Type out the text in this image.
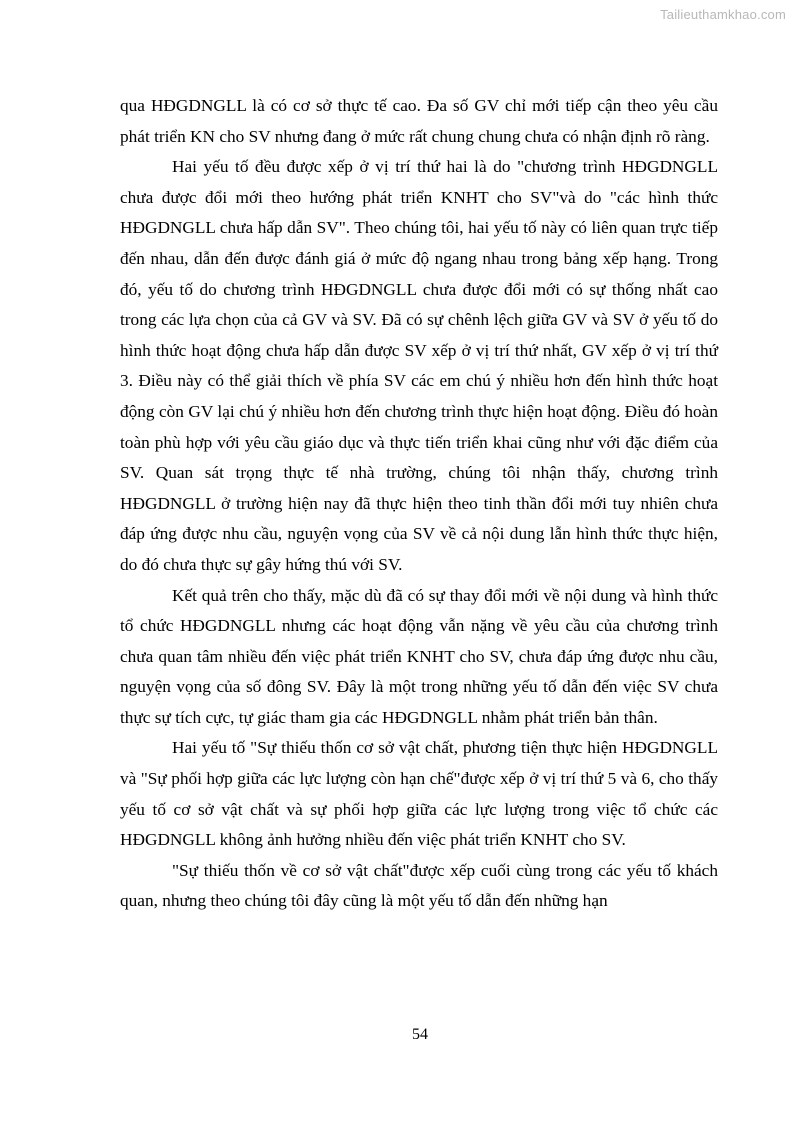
Tailieuthamkhao.com

qua HĐGDNGLL là có cơ sở thực tế cao. Đa số GV chỉ mới tiếp cận theo yêu cầu phát triển KN cho SV nhưng đang ở mức rất chung chung chưa có nhận định rõ ràng.

Hai yếu tố đều được xếp ở vị trí thứ hai là do "chương trình HĐGDNGLL chưa được đổi mới theo hướng phát triển KNHT cho SV"và do "các hình thức HĐGDNGLL chưa hấp dẫn SV". Theo chúng tôi, hai yếu tố này có liên quan trực tiếp đến nhau, dẫn đến được đánh giá ở mức độ ngang nhau trong bảng xếp hạng. Trong đó, yếu tố do chương trình HĐGDNGLL chưa được đổi mới có sự thống nhất cao trong các lựa chọn của cả GV và SV. Đã có sự chênh lệch giữa GV và SV ở yếu tố do hình thức hoạt động chưa hấp dẫn được SV xếp ở vị trí thứ nhất, GV xếp ở vị trí thứ 3. Điều này có thể giải thích về phía SV các em chú ý nhiều hơn đến hình thức hoạt động còn GV lại chú ý nhiều hơn đến chương trình thực hiện hoạt động. Điều đó hoàn toàn phù hợp với yêu cầu giáo dục và thực tiến triển khai cũng như với đặc điểm của SV. Quan sát trọng thực tế nhà trường, chúng tôi nhận thấy, chương trình HĐGDNGLL ở trường hiện nay đã thực hiện theo tinh thần đổi mới tuy nhiên chưa đáp ứng được nhu cầu, nguyện vọng của SV về cả nội dung lẫn hình thức thực hiện, do đó chưa thực sự gây hứng thú với SV.

Kết quả trên cho thấy, mặc dù đã có sự thay đổi mới về nội dung và hình thức tổ chức HĐGDNGLL nhưng các hoạt động vẫn nặng về yêu cầu của chương trình chưa quan tâm nhiều đến việc phát triển KNHT cho SV, chưa đáp ứng được nhu cầu, nguyện vọng của số đông SV. Đây là một trong những yếu tố dẫn đến việc SV chưa thực sự tích cực, tự giác tham gia các HĐGDNGLL nhằm phát triển bản thân.

Hai yếu tố "Sự thiếu thốn cơ sở vật chất, phương tiện thực hiện HĐGDNGLL và "Sự phối hợp giữa các lực lượng còn hạn chế"được xếp ở vị trí thứ 5 và 6, cho thấy yếu tố cơ sở vật chất và sự phối hợp giữa các lực lượng trong việc tổ chức các HĐGDNGLL không ảnh hưởng nhiều đến việc phát triển KNHT cho SV.

"Sự thiếu thốn về cơ sở vật chất"được xếp cuối cùng trong các yếu tố khách quan, nhưng theo chúng tôi đây cũng là một yếu tố dẫn đến những hạn

54
